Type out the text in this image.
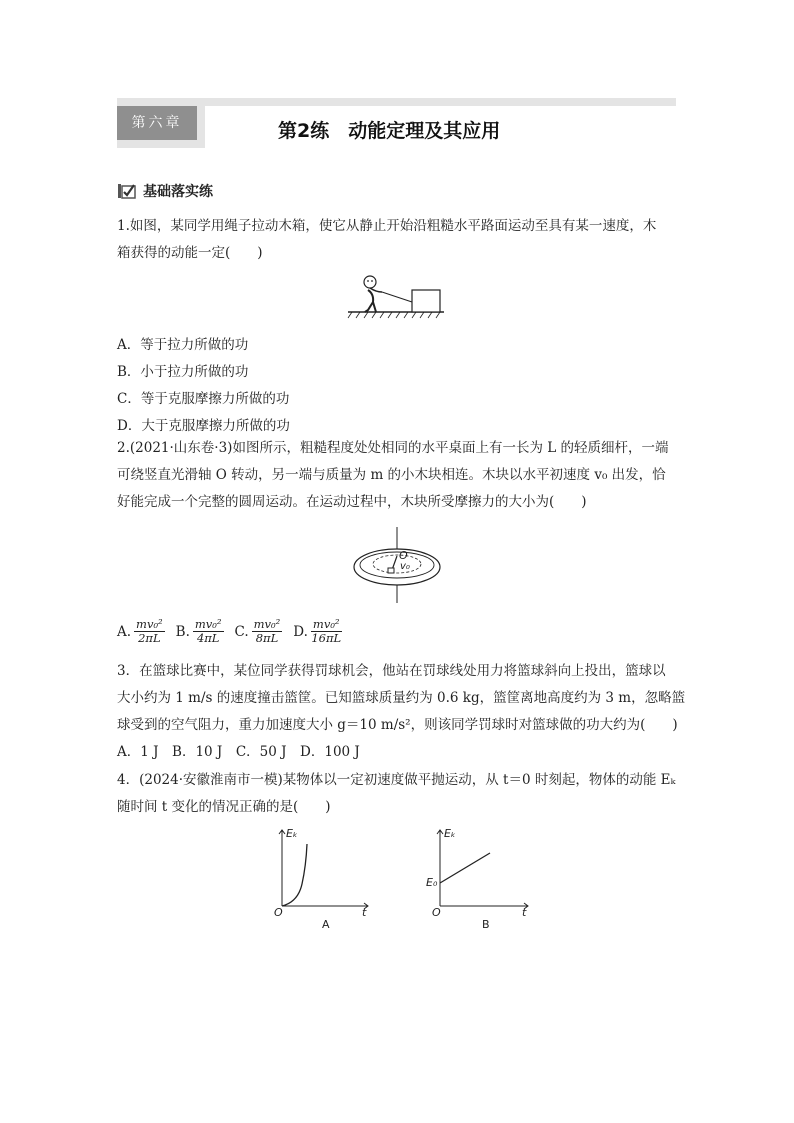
第六章	第2练　动能定理及其应用
基础落实练
1.如图，某同学用绳子拉动木箱，使它从静止开始沿粗糙水平路面运动至具有某一速度，木
箱获得的动能一定(　　)
A．等于拉力所做的功
B．小于拉力所做的功
C．等于克服摩擦力所做的功
D．大于克服摩擦力所做的功
2.(2021·山东卷·3)如图所示，粗糙程度处处相同的水平桌面上有一长为 L 的轻质细杆，一端
可绕竖直光滑轴 O 转动，另一端与质量为 m 的小木块相连。木块以水平初速度 v₀ 出发，恰
好能完成一个完整的圆周运动。在运动过程中，木块所受摩擦力的大小为(　　)
O
v₀
A. $\frac{\text{mv₀²}}{2\pi L} B$. $\frac{\text{mv₀²}}{4\pi L} C$. $\frac{\text{mv₀²}}{8\pi L} D$. $\frac{\text{mv₀²}}{16\pi L}$
3．在篮球比赛中，某位同学获得罚球机会，他站在罚球线处用力将篮球斜向上投出，篮球以
大小约为 1 m/s 的速度撞击篮筐。已知篮球质量约为 0.6 kg，篮筐离地高度约为 3 m，忽略篮
球受到的空气阻力，重力加速度大小 g＝10 m/s²，则该同学罚球时对篮球做的功大约为(　　)
A．1 J　B．10 J　C．50 J　D．100 J
4．(2024·安徽淮南市一模)某物体以一定初速度做平抛运动，从 t＝0 时刻起，物体的动能 Eₖ
随时间 t 变化的情况正确的是(　　)
Eₖ
t
O
A
Eₖ
t
O
E₀
B
